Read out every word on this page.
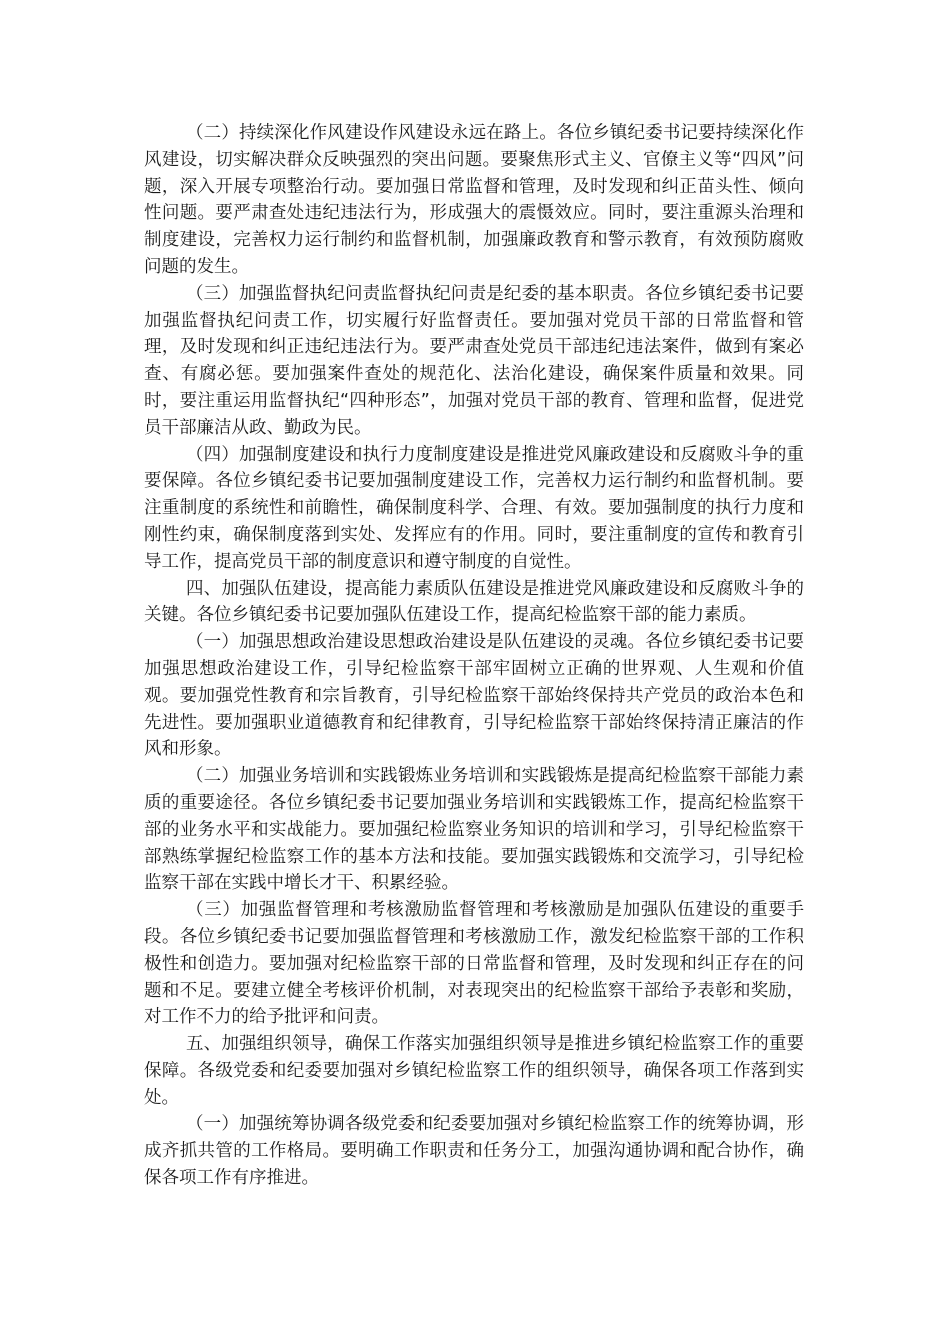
（二）持续深化作风建设作风建设永远在路上。各位乡镇纪委书记要持续深化作风建设，切实解决群众反映强烈的突出问题。要聚焦形式主义、官僚主义等“四风”问题，深入开展专项整治行动。要加强日常监督和管理，及时发现和纠正苗头性、倾向性问题。要严肃查处违纪违法行为，形成强大的震慑效应。同时，要注重源头治理和制度建设，完善权力运行制约和监督机制，加强廉政教育和警示教育，有效预防腐败问题的发生。

（三）加强监督执纪问责监督执纪问责是纪委的基本职责。各位乡镇纪委书记要加强监督执纪问责工作，切实履行好监督责任。要加强对党员干部的日常监督和管理，及时发现和纠正违纪违法行为。要严肃查处党员干部违纪违法案件，做到有案必查、有腐必惩。要加强案件查处的规范化、法治化建设，确保案件质量和效果。同时，要注重运用监督执纪“四种形态”，加强对党员干部的教育、管理和监督，促进党员干部廉洁从政、勤政为民。

（四）加强制度建设和执行力度制度建设是推进党风廉政建设和反腐败斗争的重要保障。各位乡镇纪委书记要加强制度建设工作，完善权力运行制约和监督机制。要注重制度的系统性和前瞻性，确保制度科学、合理、有效。要加强制度的执行力度和刚性约束，确保制度落到实处、发挥应有的作用。同时，要注重制度的宣传和教育引导工作，提高党员干部的制度意识和遵守制度的自觉性。

四、加强队伍建设，提高能力素质队伍建设是推进党风廉政建设和反腐败斗争的关键。各位乡镇纪委书记要加强队伍建设工作，提高纪检监察干部的能力素质。

（一）加强思想政治建设思想政治建设是队伍建设的灵魂。各位乡镇纪委书记要加强思想政治建设工作，引导纪检监察干部牢固树立正确的世界观、人生观和价值观。要加强党性教育和宗旨教育，引导纪检监察干部始终保持共产党员的政治本色和先进性。要加强职业道德教育和纪律教育，引导纪检监察干部始终保持清正廉洁的作风和形象。

（二）加强业务培训和实践锻炼业务培训和实践锻炼是提高纪检监察干部能力素质的重要途径。各位乡镇纪委书记要加强业务培训和实践锻炼工作，提高纪检监察干部的业务水平和实战能力。要加强纪检监察业务知识的培训和学习，引导纪检监察干部熟练掌握纪检监察工作的基本方法和技能。要加强实践锻炼和交流学习，引导纪检监察干部在实践中增长才干、积累经验。

（三）加强监督管理和考核激励监督管理和考核激励是加强队伍建设的重要手段。各位乡镇纪委书记要加强监督管理和考核激励工作，激发纪检监察干部的工作积极性和创造力。要加强对纪检监察干部的日常监督和管理，及时发现和纠正存在的问题和不足。要建立健全考核评价机制，对表现突出的纪检监察干部给予表彰和奖励，对工作不力的给予批评和问责。

五、加强组织领导，确保工作落实加强组织领导是推进乡镇纪检监察工作的重要保障。各级党委和纪委要加强对乡镇纪检监察工作的组织领导，确保各项工作落到实处。

（一）加强统筹协调各级党委和纪委要加强对乡镇纪检监察工作的统筹协调，形成齐抓共管的工作格局。要明确工作职责和任务分工，加强沟通协调和配合协作，确保各项工作有序推进。
